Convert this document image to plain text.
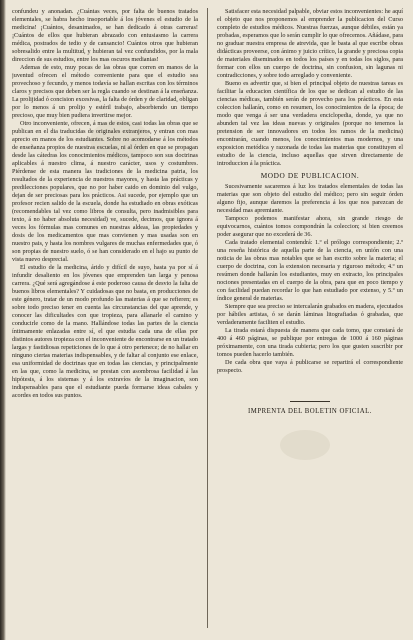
confundeu y anonadan. ¿Cuántas veces, por falta de buenos tratados elementales, se habra hecho insoportable á los jóvenes el estudio de la medicina! ¡Cuántos, desanimados, se han dedicado á otras carreras! ¡Cuántos de ellos que hubieran abrazado con entusiasmo la carrera médica, postrados de tedio y de cansancio! Cuántos otros que hubieran sobresalido entre la multitud, y hubieran tal vez confundidos, por la mala direccion de sus estudios, entre los mas oscuros medianias!

Ademas de esto, muy pocas de las obras que corren en manos de la juventud ofrecen el método conveniente para que el estudio sea provechoso y fecundo, y menos todavía se hallan escritas con los términos claros y precisos que deben ser la regla cuando se destinan á la enseñanza. La prolijidad ó concision excesivas, la falta de órden y de claridad, obligan por lo menos á un prolijo y estéril trabajo, absorbiendo un tiempo precioso, que muy bien pudiera invertirse mejor.

Otro inconveniente, ofrecen, á mas de estos, casi todas las obras que se publican en el dia traducidas de originales extranjeros, y entran con mas aprecio en manos de los estudiantes. Sobre no acomodarse á los métodos de enseñanza propios de nuestras escuelas, ni al órden en que se propagan desde las cátedras los conocimientos médicos, tampoco son sus doctrinas aplicables á nuestro clima, á nuestro carácter, usos y costumbres. Piérdense de esta manera las tradiciones de la medicina patria, los resultados de la experiencia de nuestros mayores, y hasta las prácticas y predilecciones populares, que no por haber caido en dominio del vulgo, dejan de ser preciosas para los prácticos. Asi sucede, por ejemplo que un profesor recien salido de la escuela, donde ha estudiado en obras exóticas (recomendables tal vez como libros de consulta, pero inadmisibles para texto, á no haber absoluta necesidad) ve, sucede, decimos, que ignora á veces los fórmulas mas comunes en nuestras aldeas, las propiedades y dosis de los medicamentos que mas convienen y mas usadas son en nuestro pais, y hasta los nombres vulgares de muchas enfermedades que, ó son propias de nuestro suelo, ó se han considerado en el hajo su punto de vista nuevo desprecial.

El estudio de la medicina, árido y difícil de suyo, hasta ya por sí á infundir desaliento en los jóvenes que emprenden tan larga y penosa carrera. ¿Qué será agregándose á este poderoso causa de desvio la falta de buenos libros elementales? Y cuidadosas que no basta, en producciones de este género, tratar de un modo profundo las materias á que se refieren; es sobre todo preciso tener en cuenta las circunstancias del que aprende, y conocer las dificultades con que tropieza, para allanarle el camino y conducirle como de la mano. Hallándose todas las partes de la ciencia íntimamente enlazadas entre sí, el que estudia cada una de ellas por distintos autores tropieza con el inconveniente de encontrarse en un tratado largas y fastidiosas repeticiones de lo que á otro pertenece; de no hallar en ninguno ciertas materias indispensables, y de faltar al conjunto ese enlace, esa uniformidad de doctrinas que en todas las ciencias, y principalmente en las que, como la medicina, se prestan con asombrosa facilidad á las hipótesis, á los sistemas y á los extravíos de la imaginacion, son indispensables para que el estudiante pueda formarse ideas cabales y acordes en todos sus puntos.

Satisfacer esta necesidad palpable, obviar estos inconvenientes: he aquí el objeto que nos proponemos al emprender la publicacion del Curso completo de estudios médicos. Nuestras fuerzas, aunque débiles, están ya probadas, esperamos que lo serán cumplir lo que ofrecemos. Añádase, para no graduar nuestra empresa de atrevida, que le basta al que escribe obras didácticas proveerse, con ánimo y juicio crítico, la grande y preciosa copia de materiales diseminados en todos los países y en todas los siglos, para formar con ellos un cuerpo de doctrina, sin confusion, sin lagunas ni contradicciones, y sobre todo arreglado y conveniente.

Bueno es advertir que, si bien el principal objeto de nuestras tareas es facilitar la educacion científica de los que se dedican al estudio de las ciencias médicas, también serán de provecho para los prácticos. En esta coleccion hallarán, como en resumen, los conocimientos de la época; de modo que venga á ser una verdadera enciclopedia, donde, ya que no abunden tal vez las ideas nuevas y originales (porque no tenemos la pretension de ser innovadores en todos los ramos de la medicina) encontrarán, cuando menos, los conocimientos mas modernos, y una exposicion metódica y razonada de todas las materias que constituyen el estudio de la ciencia, incluso aquellas que sirven directamente de introduccion á la práctica.

MODO DE PUBLICACION.

Sucesivamente sacaremos á luz los tratados elementales de todas las materias que son objeto del estudio del médico; pero sin seguir órden alguno fijo, aunque daremos la preferencia á los que nos parezcan de necesidad mas apremiante.

Tampoco podemos manifestar ahora, sin grande riesgo de equivocarnos, cuántos tomos compondrán la coleccion; si bien creemos poder asegurar que no excederá de 36.

Cada tratado elemental contendrá: 1.º el prólogo correspondiente; 2.º una reseña histórica de aquella parte de la ciencia, en unión con una noticia de las obras mas notables que se han escrito sobre la materia; el cuerpo de doctrina, con la extension necesaria y riguroso método; 4.º un resúmen donde hallarán los estudiantes, muy en extracto, los principales nociones presentadas en el cuerpo de la obra, para que en poco tiempo y con facilidad puedan recordar lo que han estudiado por extenso, y 5.º un índice general de materias.

Siempre que sea preciso se intercalarán grabados en madera, ejecutados por hábiles artistas, ó se darán láminas litografiadas ó grabadas, que verdaderamente faciliten el estudio.

La tirada estará dispuesta de manera que cada tomo, que constará de 400 á 460 páginas, se publique por entregas de 1000 á 160 páginas próximamente, con una tirada cubierta; pero los que gusten suscribir por tomos pueden hacerlo también.

De cada obra que vaya á publicarse se repartirá el correspondiente prospecto.

IMPRENTA DEL BOLETIN OFICIAL.
